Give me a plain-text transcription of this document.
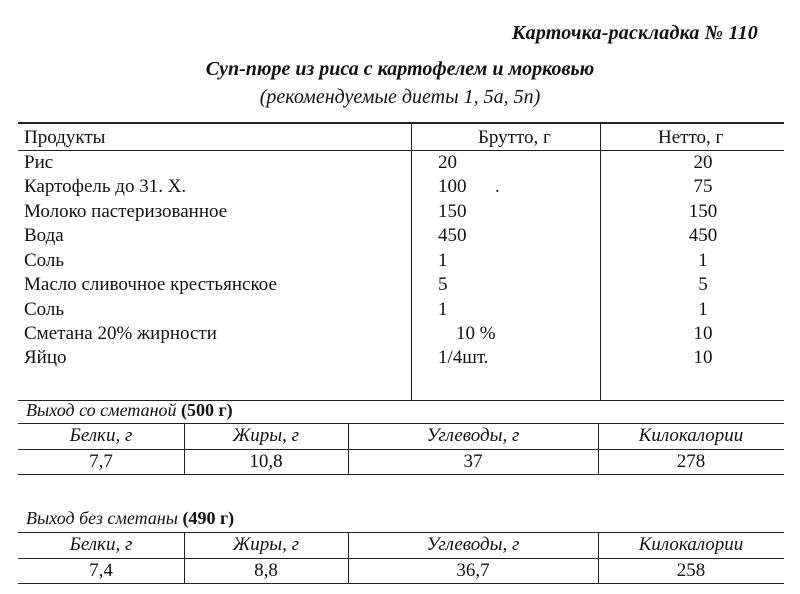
Карточка-раскладка № 110
Суп-пюре из риса с картофелем и морковью
(рекомендуемые диеты 1, 5а, 5п)
Продукты	Брутто, г	Нетто, г
Рис	20	20
Картофель до 31. Х.	100      .	75
Молоко пастеризованное	150	150
Вода	450	450
Соль	1	1
Масло сливочное крестьянское	5	5
Соль	1	1
Сметана 20% жирности	10 %	10
Яйцо	1/4шт.	10
Выход со сметаной (500 г)
Белки, г	Жиры, г	Углеводы, г	Килокалории
7,7	10,8	37	278
Выход без сметаны (490 г)
Белки, г	Жиры, г	Углеводы, г	Килокалории
7,4	8,8	36,7	258
